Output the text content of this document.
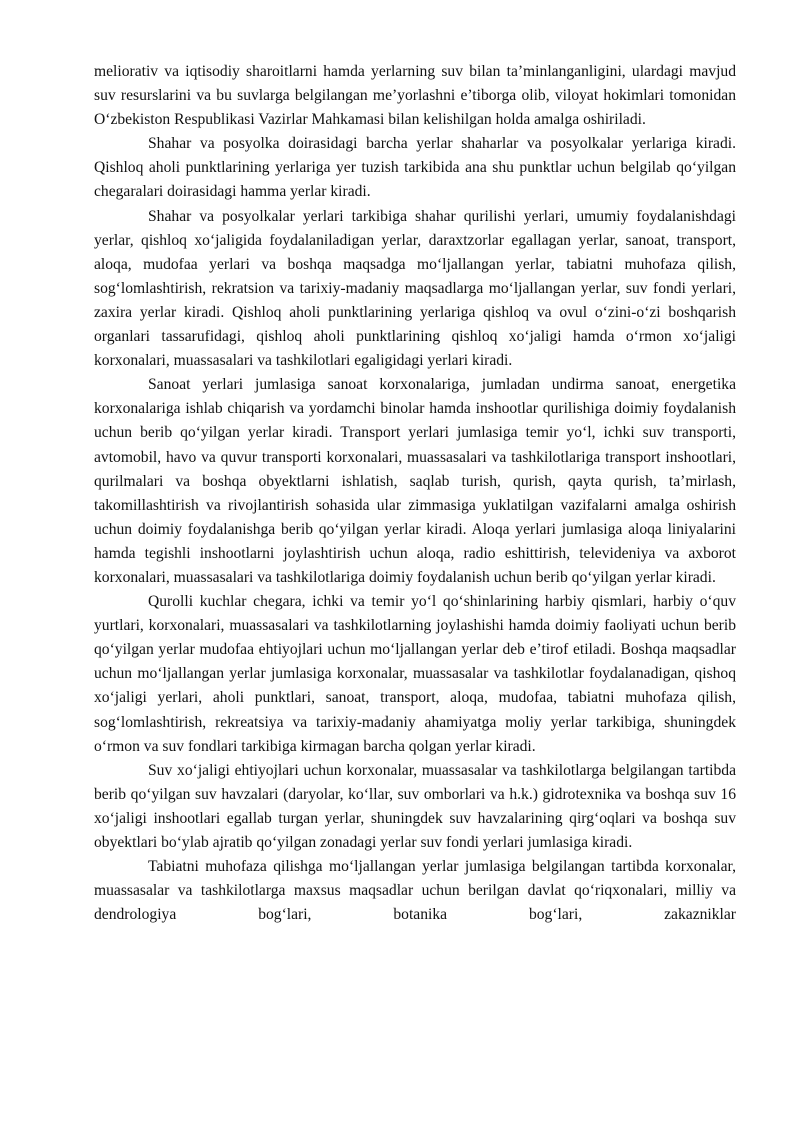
meliorativ va iqtisodiy sharoitlarni hamda yerlarning suv bilan ta’minlanganligini, ulardagi mavjud suv resurslarini va bu suvlarga belgilangan me’yorlashni e’tiborga olib, viloyat hokimlari tomonidan O‘zbekiston Respublikasi Vazirlar Mahkamasi bilan kelishilgan holda amalga oshiriladi.

Shahar va posyolka doirasidagi barcha yerlar shaharlar va posyolkalar yerlariga kiradi. Qishloq aholi punktlarining yerlariga yer tuzish tarkibida ana shu punktlar uchun belgilab qo‘yilgan chegaralari doirasidagi hamma yerlar kiradi.

Shahar va posyolkalar yerlari tarkibiga shahar qurilishi yerlari, umumiy foydalanishdagi yerlar, qishloq xo‘jaligida foydalaniladigan yerlar, daraxtzorlar egallagan yerlar, sanoat, transport, aloqa, mudofaa yerlari va boshqa maqsadga mo‘ljallangan yerlar, tabiatni muhofaza qilish, sog‘lomlashtirish, rekratsion va tarixiy-madaniy maqsadlarga mo‘ljallangan yerlar, suv fondi yerlari, zaxira yerlar kiradi. Qishloq aholi punktlarining yerlariga qishloq va ovul o‘zini-o‘zi boshqarish organlari tassarufidagi, qishloq aholi punktlarining qishloq xo‘jaligi hamda o‘rmon xo‘jaligi korxonalari, muassasalari va tashkilotlari egaligidagi yerlari kiradi.

Sanoat yerlari jumlasiga sanoat korxonalariga, jumladan undirma sanoat, energetika korxonalariga ishlab chiqarish va yordamchi binolar hamda inshootlar qurilishiga doimiy foydalanish uchun berib qo‘yilgan yerlar kiradi. Transport yerlari jumlasiga temir yo‘l, ichki suv transporti, avtomobil, havo va quvur transporti korxonalari, muassasalari va tashkilotlariga transport inshootlari, qurilmalari va boshqa obyektlarni ishlatish, saqlab turish, qurish, qayta qurish, ta’mirlash, takomillashtirish va rivojlantirish sohasida ular zimmasiga yuklatilgan vazifalarni amalga oshirish uchun doimiy foydalanishga berib qo‘yilgan yerlar kiradi. Aloqa yerlari jumlasiga aloqa liniyalarini hamda tegishli inshootlarni joylashtirish uchun aloqa, radio eshittirish, televideniya va axborot korxonalari, muassasalari va tashkilotlariga doimiy foydalanish uchun berib qo‘yilgan yerlar kiradi.

Qurolli kuchlar chegara, ichki va temir yo‘l qo‘shinlarining harbiy qismlari, harbiy o‘quv yurtlari, korxonalari, muassasalari va tashkilotlarning joylashishi hamda doimiy faoliyati uchun berib qo‘yilgan yerlar mudofaa ehtiyojlari uchun mo‘ljallangan yerlar deb e’tirof etiladi. Boshqa maqsadlar uchun mo‘ljallangan yerlar jumlasiga korxonalar, muassasalar va tashkilotlar foydalanadigan, qishoq xo‘jaligi yerlari, aholi punktlari, sanoat, transport, aloqa, mudofaa, tabiatni muhofaza qilish, sog‘lomlashtirish, rekreatsiya va tarixiy-madaniy ahamiyatga moliy yerlar tarkibiga, shuningdek o‘rmon va suv fondlari tarkibiga kirmagan barcha qolgan yerlar kiradi.

Suv xo‘jaligi ehtiyojlari uchun korxonalar, muassasalar va tashkilotlarga belgilangan tartibda berib qo‘yilgan suv havzalari (daryolar, ko‘llar, suv omborlari va h.k.) gidrotexnika va boshqa suv 16 xo‘jaligi inshootlari egallab turgan yerlar, shuningdek suv havzalarining qirg‘oqlari va boshqa suv obyektlari bo‘ylab ajratib qo‘yilgan zonadagi yerlar suv fondi yerlari jumlasiga kiradi.

Tabiatni muhofaza qilishga mo‘ljallangan yerlar jumlasiga belgilangan tartibda korxonalar, muassasalar va tashkilotlarga maxsus maqsadlar uchun berilgan davlat qo‘riqxonalari, milliy va dendrologiya bog‘lari, botanika bog‘lari, zakazniklar
